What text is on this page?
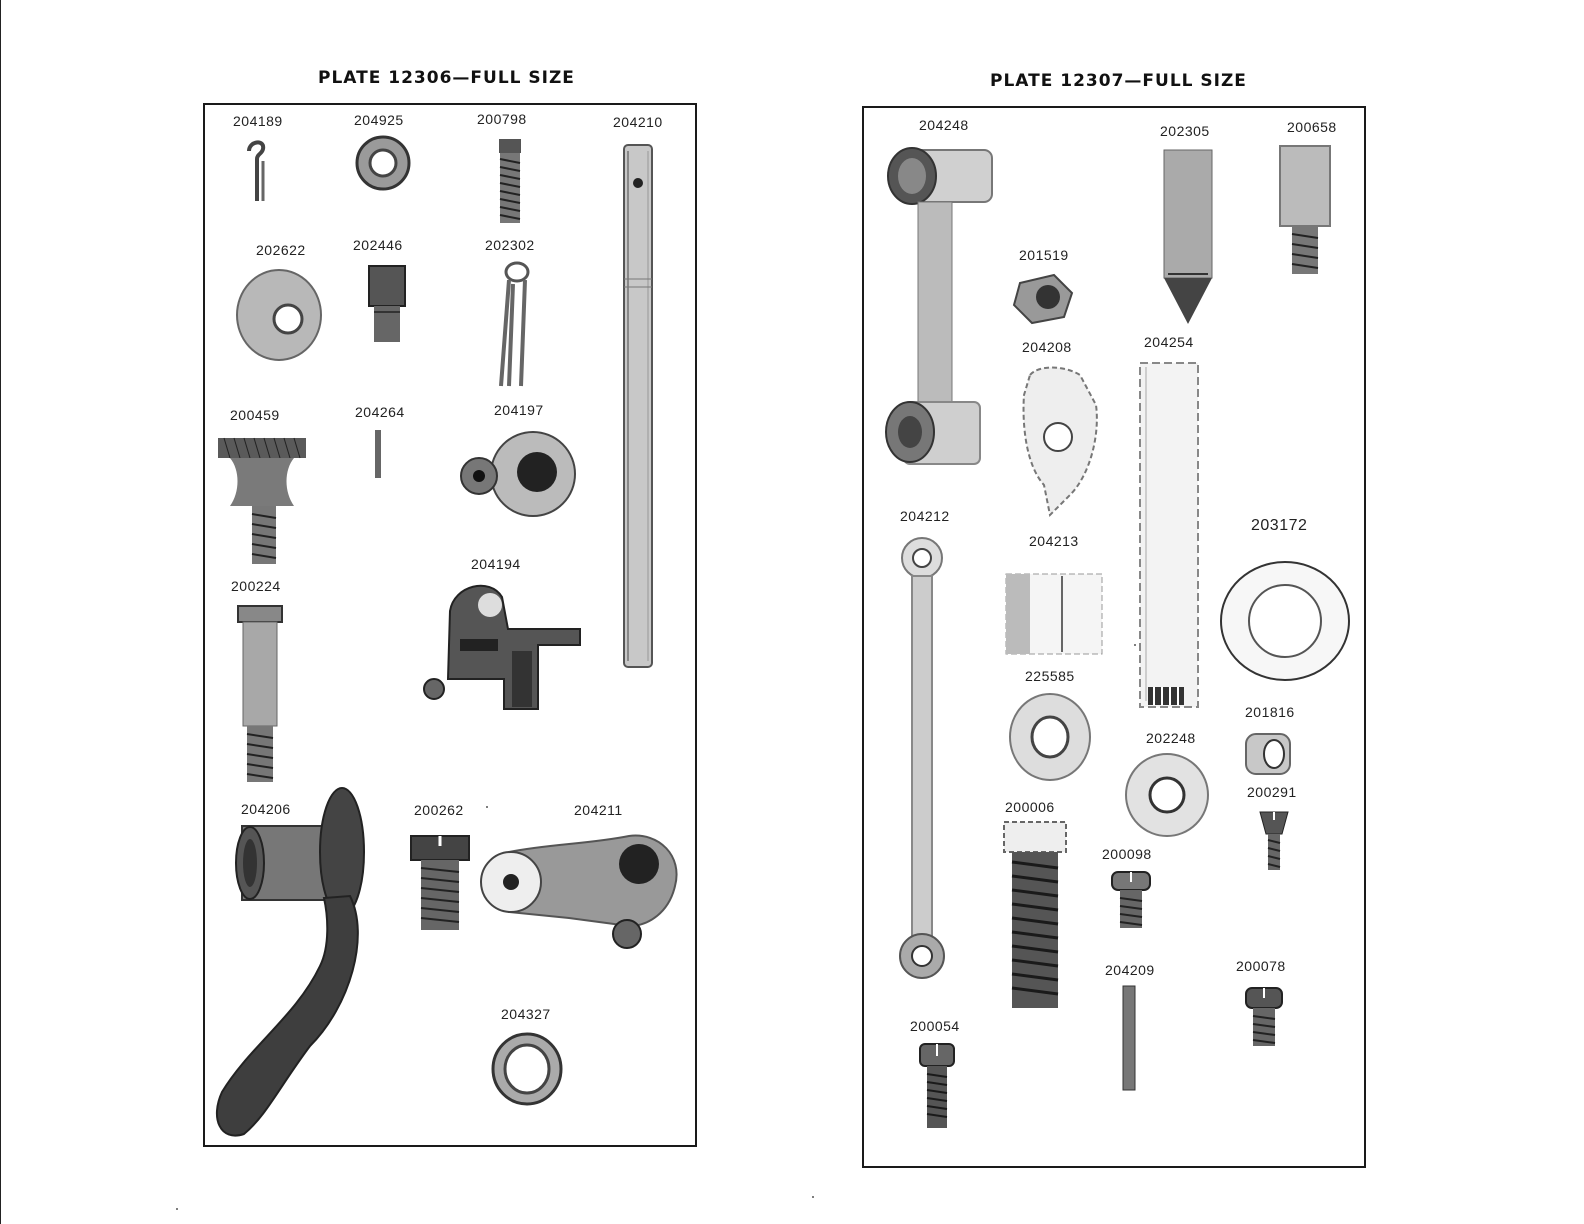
PLATE 12306—FULL SIZE
204189	204925	200798	204210
202622	202446	202302
200459	204264	204197
200224
204194
204206	200262	204211
204327
PLATE 12307—FULL SIZE
204248	202305	200658
201519
204208	204254
204212
204213
203172
225585
201816
202248
200006
200291
200098
204209	200078
200054
